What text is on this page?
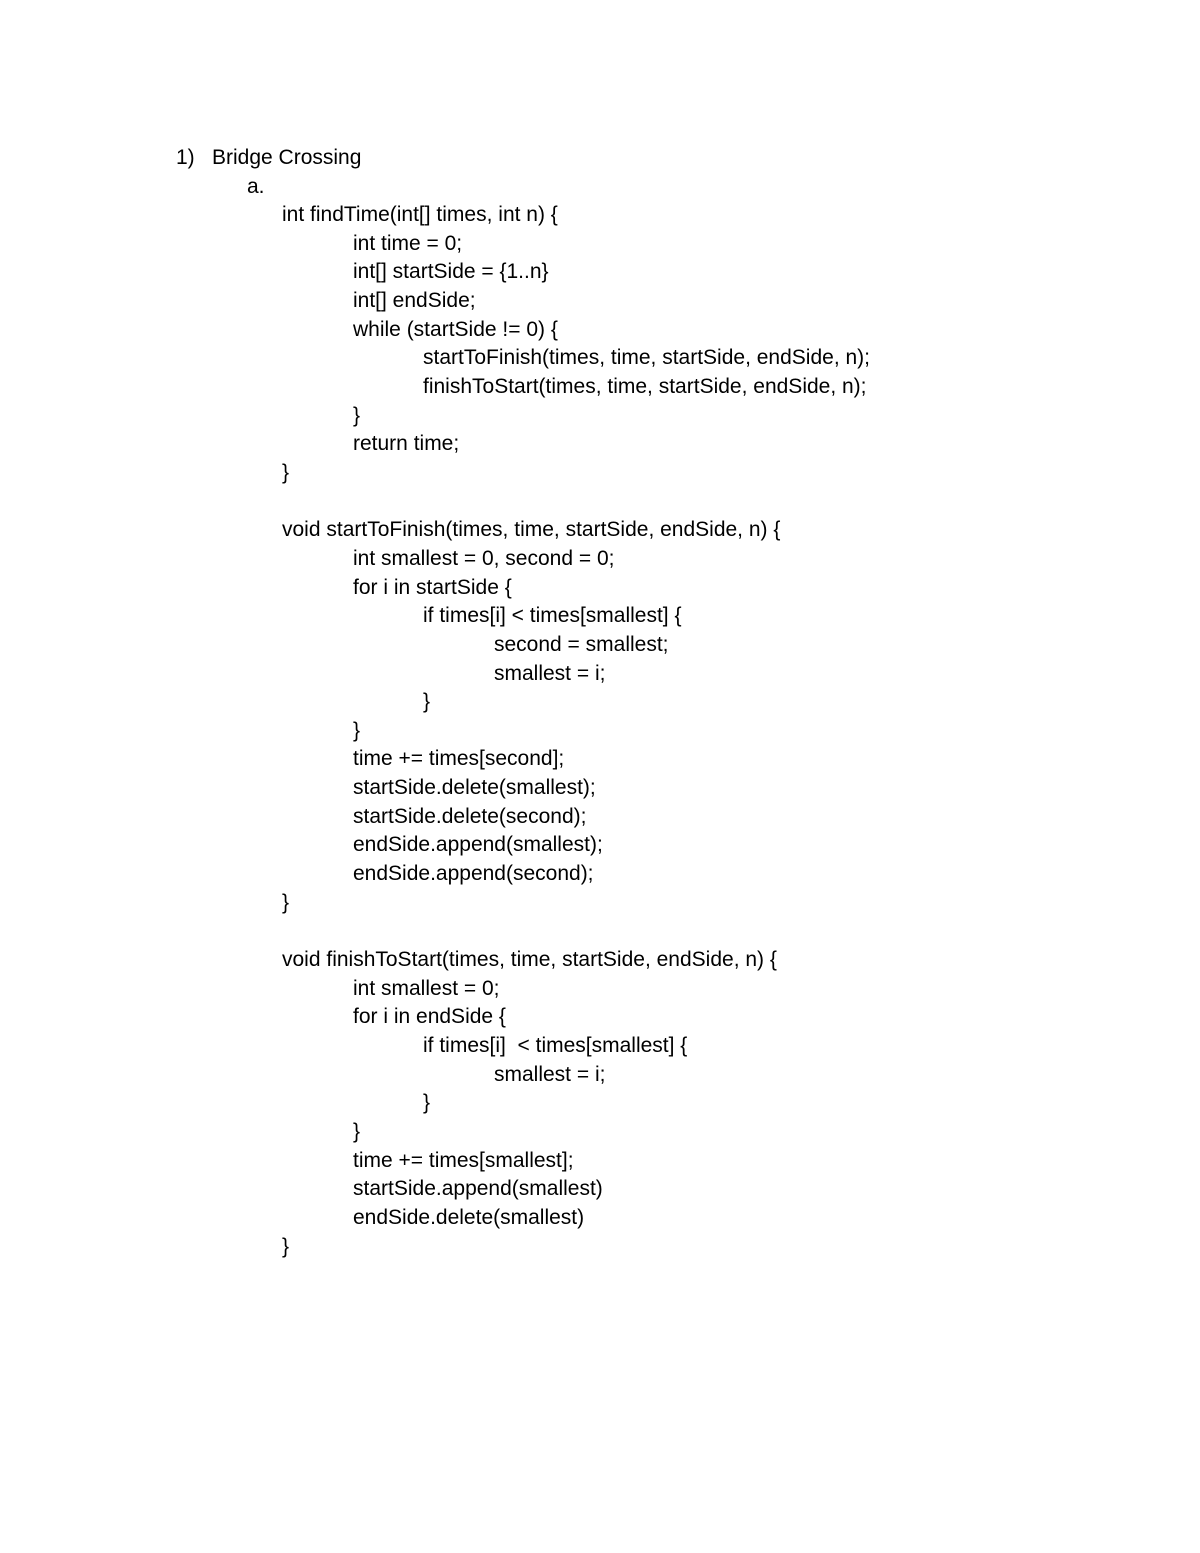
1) Bridge Crossing
a.
int findTime(int[] times, int n) {
int time = 0;
int[] startSide = {1..n}
int[] endSide;
while (startSide != 0) {
startToFinish(times, time, startSide, endSide, n);
finishToStart(times, time, startSide, endSide, n);
}
return time;
}
void startToFinish(times, time, startSide, endSide, n) {
int smallest = 0, second = 0;
for i in startSide {
if times[i] < times[smallest] {
second = smallest;
smallest = i;
}
}
time += times[second];
startSide.delete(smallest);
startSide.delete(second);
endSide.append(smallest);
endSide.append(second);
}
void finishToStart(times, time, startSide, endSide, n) {
int smallest = 0;
for i in endSide {
if times[i]  < times[smallest] {
smallest = i;
}
}
time += times[smallest];
startSide.append(smallest)
endSide.delete(smallest)
}
